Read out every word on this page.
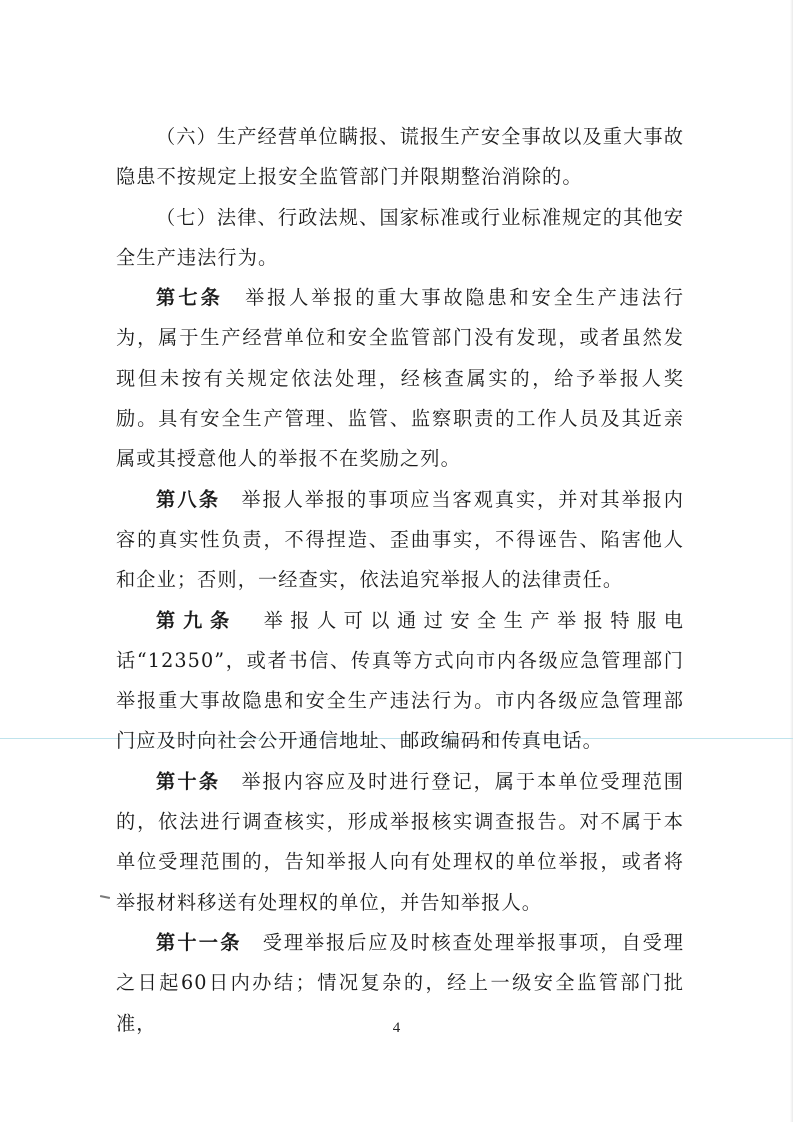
（六）生产经营单位瞒报、谎报生产安全事故以及重大事故隐患不按规定上报安全监管部门并限期整治消除的。

（七）法律、行政法规、国家标准或行业标准规定的其他安全生产违法行为。

第七条　 举报人举报的重大事故隐患和安全生产违法行为，属于生产经营单位和安全监管部门没有发现，或者虽然发现但未按有关规定依法处理，经核查属实的，给予举报人奖励。具有安全生产管理、监管、监察职责的工作人员及其近亲属或其授意他人的举报不在奖励之列。

第八条　 举报人举报的事项应当客观真实，并对其举报内容的真实性负责，不得捏造、歪曲事实，不得诬告、陷害他人和企业；否则，一经查实，依法追究举报人的法律责任。

第九条　 举报人可以通过安全生产举报特服电话“12350”，或者书信、传真等方式向市内各级应急管理部门举报重大事故隐患和安全生产违法行为。市内各级应急管理部门应及时向社会公开通信地址、邮政编码和传真电话。

第十条　 举报内容应及时进行登记，属于本单位受理范围的，依法进行调查核实，形成举报核实调查报告。对不属于本单位受理范围的，告知举报人向有处理权的单位举报，或者将举报材料移送有处理权的单位，并告知举报人。

第十一条　 受理举报后应及时核查处理举报事项，自受理之日起60日内办结；情况复杂的，经上一级安全监管部门批准，	4
